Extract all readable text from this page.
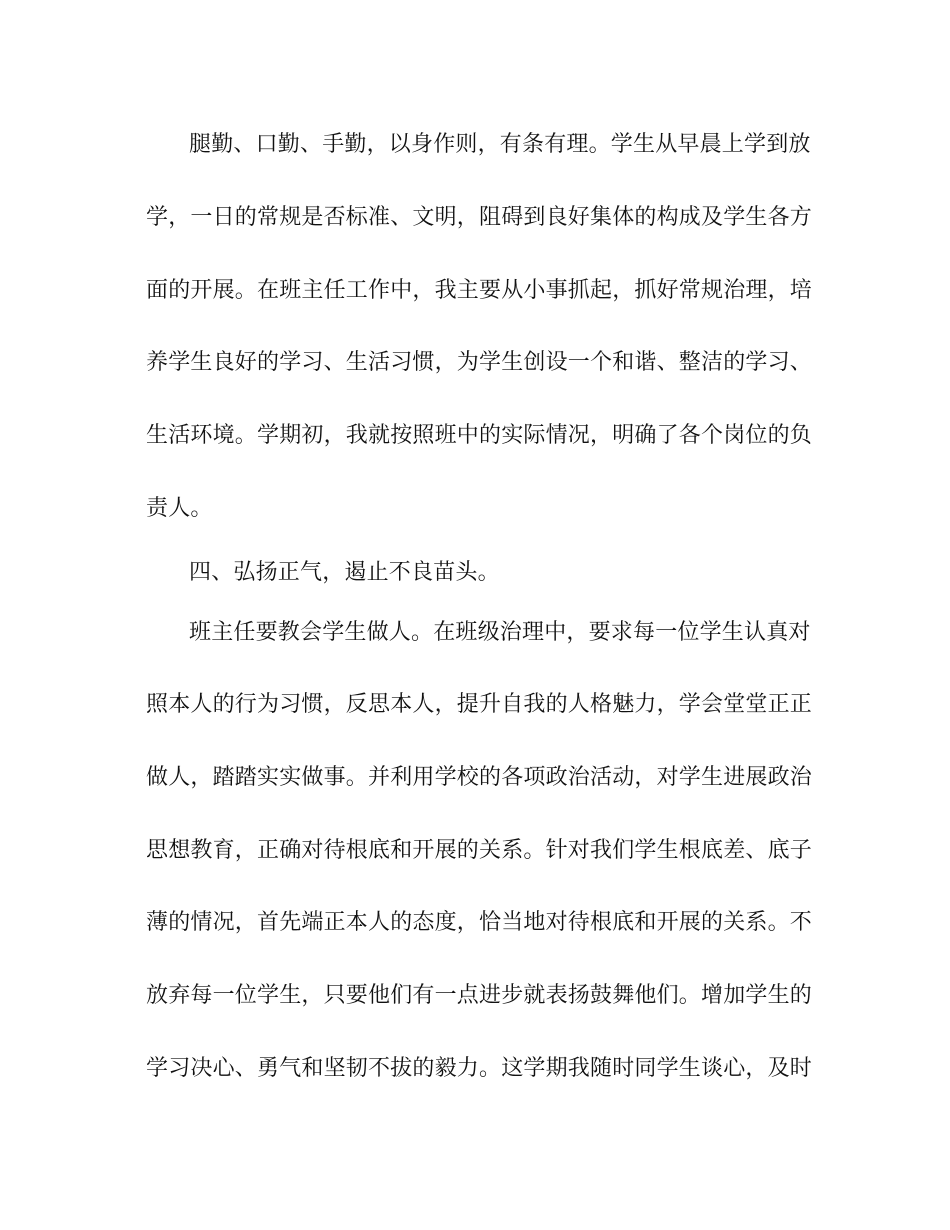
腿勤、口勤、手勤，以身作则，有条有理。学生从早晨上学到放
学，一日的常规是否标准、文明，阻碍到良好集体的构成及学生各方
面的开展。在班主任工作中，我主要从小事抓起，抓好常规治理，培
养学生良好的学习、生活习惯，为学生创设一个和谐、整洁的学习、
生活环境。学期初，我就按照班中的实际情况，明确了各个岗位的负
责人。
四、弘扬正气，遏止不良苗头。
班主任要教会学生做人。在班级治理中，要求每一位学生认真对
照本人的行为习惯，反思本人，提升自我的人格魅力，学会堂堂正正
做人，踏踏实实做事。并利用学校的各项政治活动，对学生进展政治
思想教育，正确对待根底和开展的关系。针对我们学生根底差、底子
薄的情况，首先端正本人的态度，恰当地对待根底和开展的关系。不
放弃每一位学生，只要他们有一点进步就表扬鼓舞他们。增加学生的
学习决心、勇气和坚韧不拔的毅力。这学期我随时同学生谈心，及时
